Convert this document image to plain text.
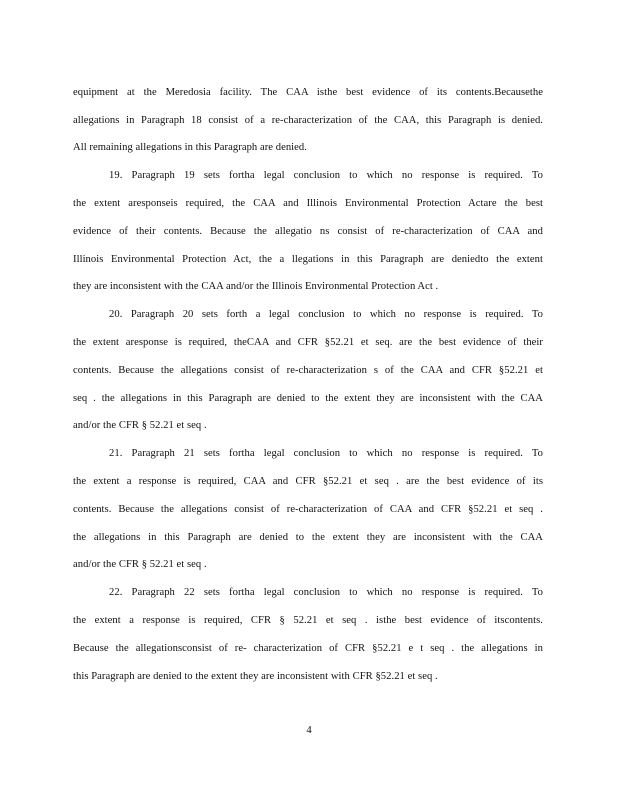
equipment at the Meredosia facility. The CAA isthe best evidence of its contents.Becausethe
allegations in Paragraph 18 consist of a re-characterization of the CAA, this Paragraph is denied.
All remaining allegations in this Paragraph are denied.
19. Paragraph 19 sets fortha legal conclusion to which no response is required. To
the extent aresponseis required, the CAA and Illinois Environmental Protection Actare the best
evidence of their contents. Because the allegatio ns consist of re-characterization of CAA and
Illinois Environmental Protection Act, the a llegations in this Paragraph are deniedto the extent
they are inconsistent with the CAA and/or the Illinois Environmental Protection Act .
20. Paragraph 20 sets forth a legal conclusion to which no response is required. To
the extent aresponse is required, theCAA and CFR §52.21 et seq. are the best evidence of their
contents. Because the allegations consist of re-characterization s of the CAA and CFR §52.21 et
seq . the allegations in this Paragraph are denied to the extent they are inconsistent with the CAA
and/or the CFR § 52.21 et seq .
21. Paragraph 21 sets fortha legal conclusion to which no response is required. To
the extent a response is required, CAA and CFR §52.21 et seq . are the best evidence of its
contents. Because the allegations consist of re-characterization of CAA and CFR §52.21 et seq .
the allegations in this Paragraph are denied to the extent they are inconsistent with the CAA
and/or the CFR § 52.21 et seq .
22. Paragraph 22 sets fortha legal conclusion to which no response is required. To
the extent a response is required, CFR § 52.21 et seq . isthe best evidence of itscontents.
Because the allegationsconsist of re- characterization of CFR §52.21 e t seq . the allegations in
this Paragraph are denied to the extent they are inconsistent with CFR §52.21 et seq .
4
